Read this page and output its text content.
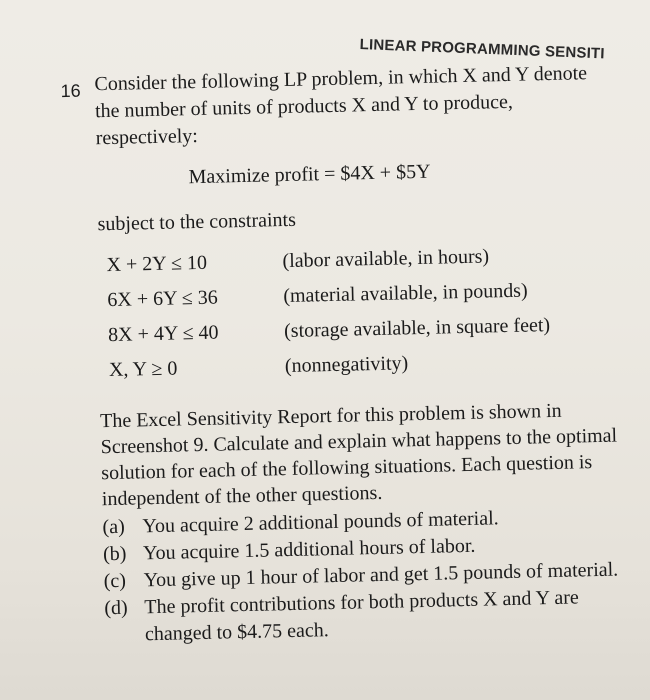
LINEAR PROGRAMMING SENSITI
16 Consider the following LP problem, in which X and Y denote the number of units of products X and Y to produce, respectively:
Maximize profit = $4X + $5Y
subject to the constraints
X + 2Y ≤ 10	(labor available, in hours)
6X + 6Y ≤ 36	(material available, in pounds)
8X + 4Y ≤ 40	(storage available, in square feet)
X, Y ≥ 0	(nonnegativity)
The Excel Sensitivity Report for this problem is shown in Screenshot 9. Calculate and explain what happens to the optimal solution for each of the following situations. Each question is independent of the other questions.
(a) You acquire 2 additional pounds of material.
(b) You acquire 1.5 additional hours of labor.
(c) You give up 1 hour of labor and get 1.5 pounds of material.
(d) The profit contributions for both products X and Y are changed to $4.75 each.
